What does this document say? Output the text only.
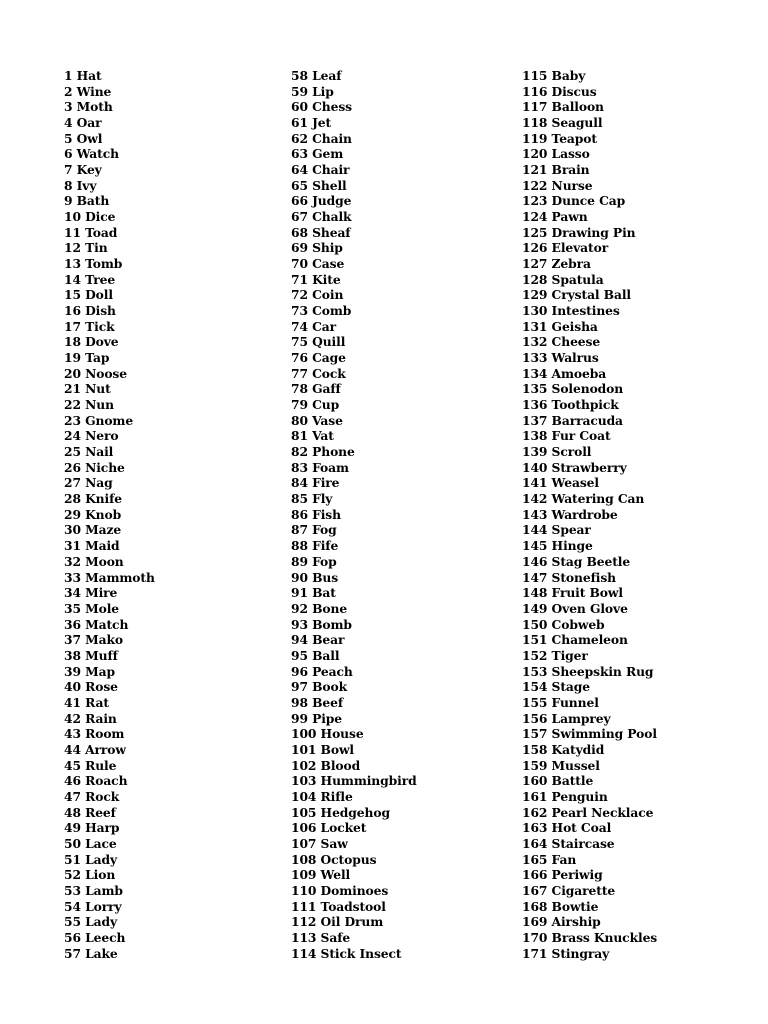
1 Hat
2 Wine
3 Moth
4 Oar
5 Owl
6 Watch
7 Key
8 Ivy
9 Bath
10 Dice
11 Toad
12 Tin
13 Tomb
14 Tree
15 Doll
16 Dish
17 Tick
18 Dove
19 Tap
20 Noose
21 Nut
22 Nun
23 Gnome
24 Nero
25 Nail
26 Niche
27 Nag
28 Knife
29 Knob
30 Maze
31 Maid
32 Moon
33 Mammoth
34 Mire
35 Mole
36 Match
37 Mako
38 Muff
39 Map
40 Rose
41 Rat
42 Rain
43 Room
44 Arrow
45 Rule
46 Roach
47 Rock
48 Reef
49 Harp
50 Lace
51 Lady
52 Lion
53 Lamb
54 Lorry
55 Lady
56 Leech
57 Lake
58 Leaf
59 Lip
60 Chess
61 Jet
62 Chain
63 Gem
64 Chair
65 Shell
66 Judge
67 Chalk
68 Sheaf
69 Ship
70 Case
71 Kite
72 Coin
73 Comb
74 Car
75 Quill
76 Cage
77 Cock
78 Gaff
79 Cup
80 Vase
81 Vat
82 Phone
83 Foam
84 Fire
85 Fly
86 Fish
87 Fog
88 Fife
89 Fop
90 Bus
91 Bat
92 Bone
93 Bomb
94 Bear
95 Ball
96 Peach
97 Book
98 Beef
99 Pipe
100 House
101 Bowl
102 Blood
103 Hummingbird
104 Rifle
105 Hedgehog
106 Locket
107 Saw
108 Octopus
109 Well
110 Dominoes
111 Toadstool
112 Oil Drum
113 Safe
114 Stick Insect
115 Baby
116 Discus
117 Balloon
118 Seagull
119 Teapot
120 Lasso
121 Brain
122 Nurse
123 Dunce Cap
124 Pawn
125 Drawing Pin
126 Elevator
127 Zebra
128 Spatula
129 Crystal Ball
130 Intestines
131 Geisha
132 Cheese
133 Walrus
134 Amoeba
135 Solenodon
136 Toothpick
137 Barracuda
138 Fur Coat
139 Scroll
140 Strawberry
141 Weasel
142 Watering Can
143 Wardrobe
144 Spear
145 Hinge
146 Stag Beetle
147 Stonefish
148 Fruit Bowl
149 Oven Glove
150 Cobweb
151 Chameleon
152 Tiger
153 Sheepskin Rug
154 Stage
155 Funnel
156 Lamprey
157 Swimming Pool
158 Katydid
159 Mussel
160 Battle
161 Penguin
162 Pearl Necklace
163 Hot Coal
164 Staircase
165 Fan
166 Periwig
167 Cigarette
168 Bowtie
169 Airship
170 Brass Knuckles
171 Stingray
